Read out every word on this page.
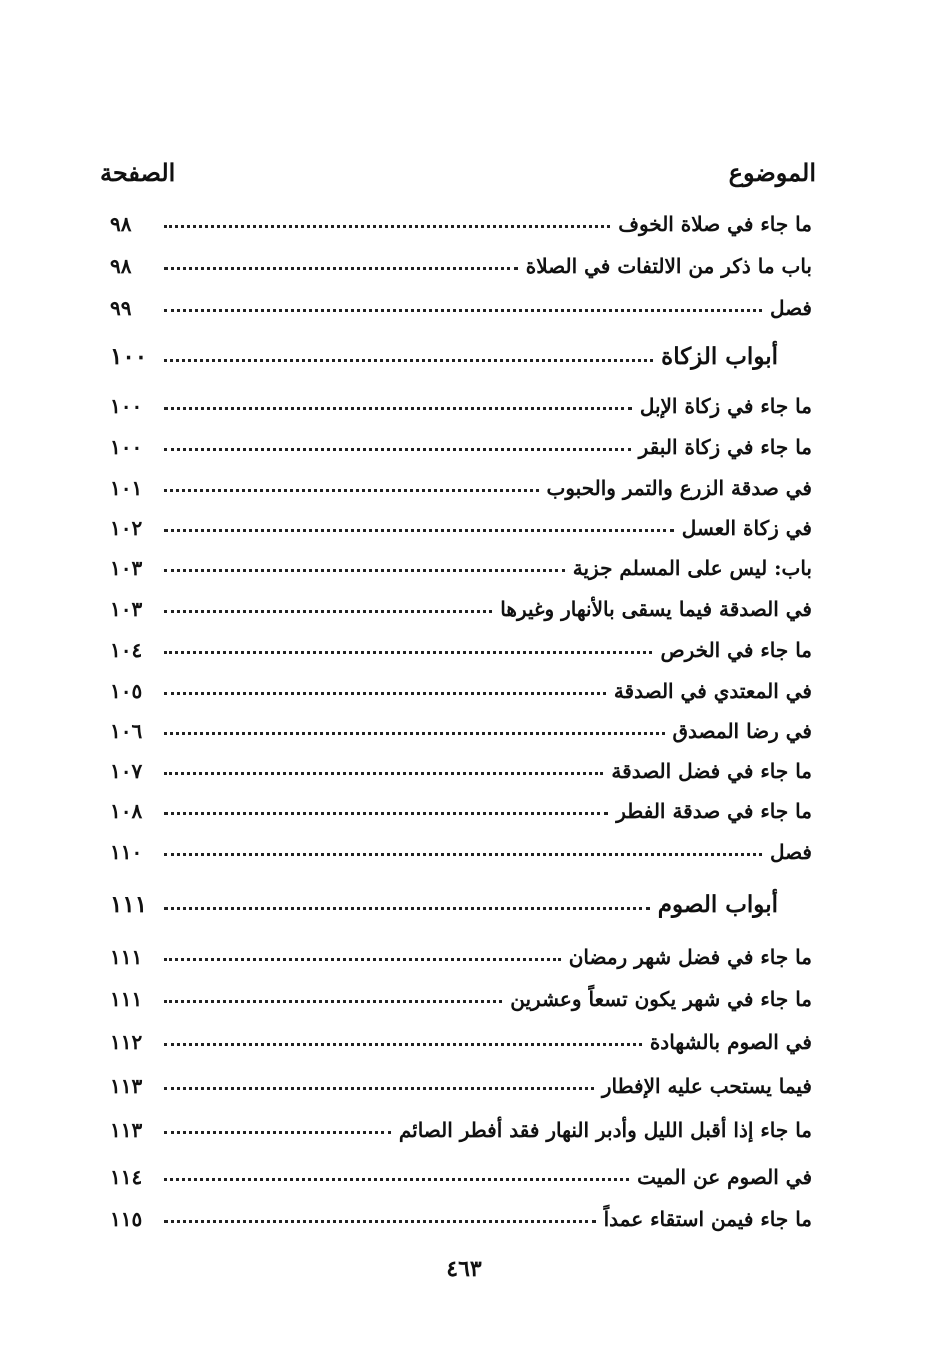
الموضوع
الصفحة
ما جاء في صلاة الخوف
٩٨
باب ما ذكر من الالتفات في الصلاة
٩٨
فصل
٩٩
أبواب الزكاة
١٠٠
ما جاء في زكاة الإبل
١٠٠
ما جاء في زكاة البقر
١٠٠
في صدقة الزرع والتمر والحبوب
١٠١
في زكاة العسل
١٠٢
باب: ليس على المسلم جزية
١٠٣
في الصدقة فيما يسقى بالأنهار وغيرها
١٠٣
ما جاء في الخرص
١٠٤
في المعتدي في الصدقة
١٠٥
في رضا المصدق
١٠٦
ما جاء في فضل الصدقة
١٠٧
ما جاء في صدقة الفطر
١٠٨
فصل
١١٠
أبواب الصوم
١١١
ما جاء في فضل شهر رمضان
١١١
ما جاء في شهر يكون تسعاً وعشرين
١١١
في الصوم بالشهادة
١١٢
فيما يستحب عليه الإفطار
١١٣
ما جاء إذا أقبل الليل وأدبر النهار فقد أفطر الصائم
١١٣
في الصوم عن الميت
١١٤
ما جاء فيمن استقاء عمداً
١١٥
٤٦٣
